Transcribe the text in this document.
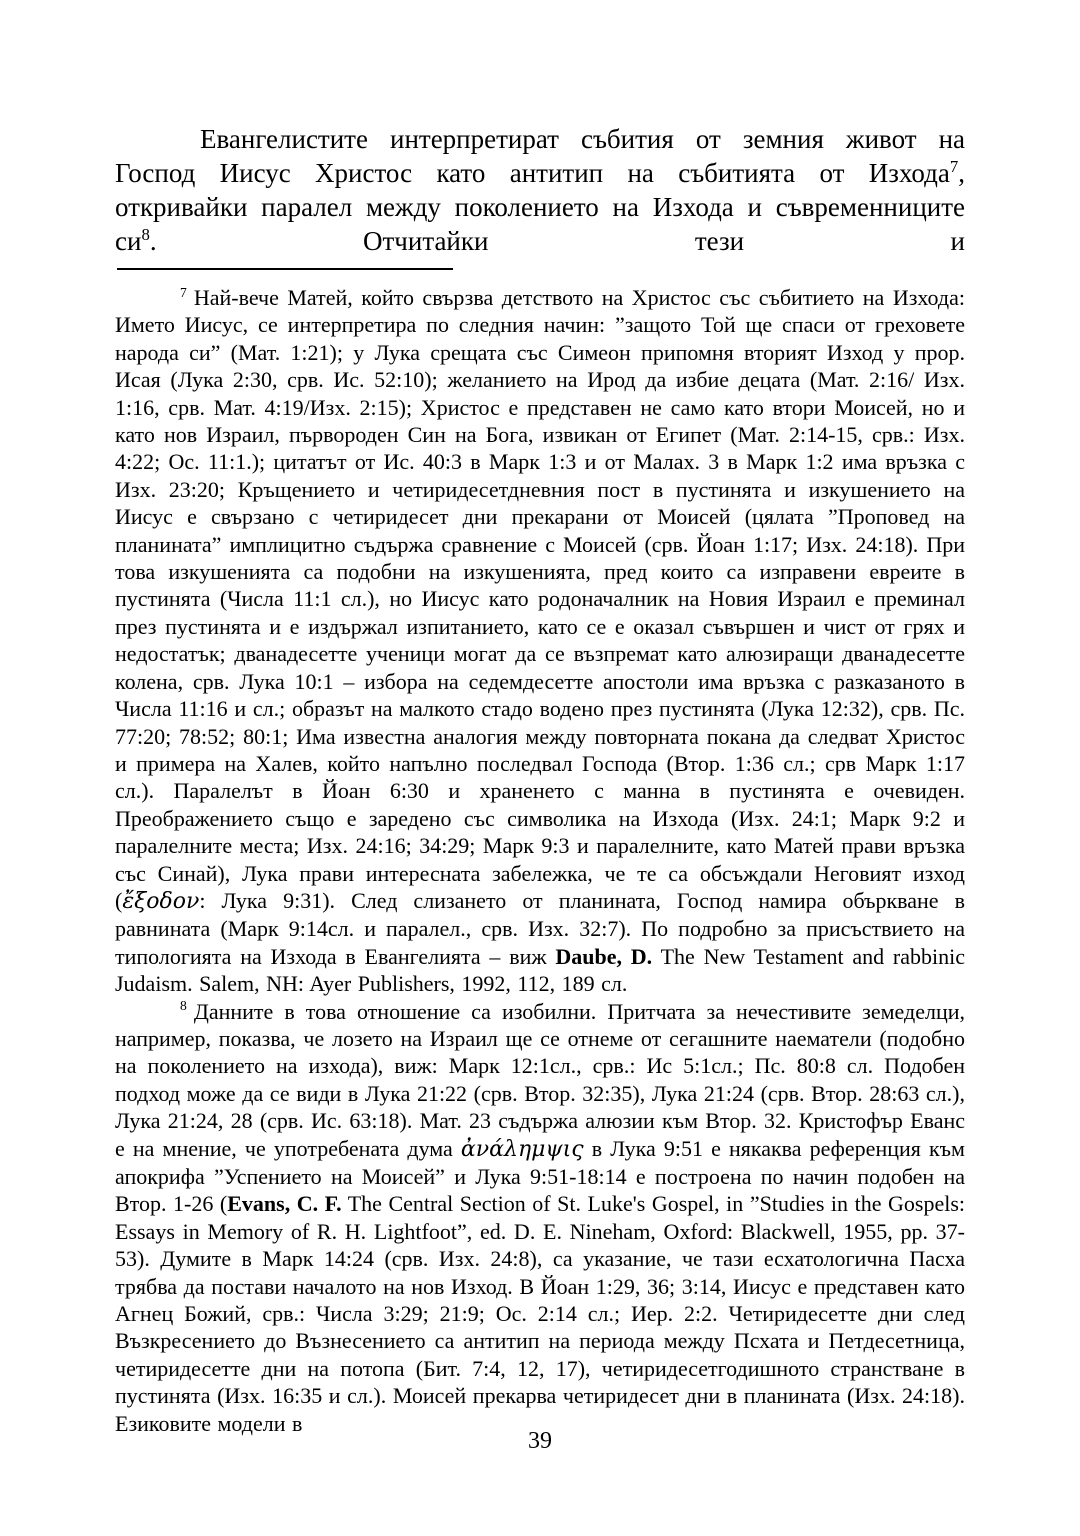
Евангелистите интерпретират събития от земния живот на Господ Иисус Христос като антитип на събитията от Изхода$^7$, откривайки паралел между поколението на Изхода и съвременниците $си^8$. Отчитайки тези и

$^7$ Най-вече Матей, който свързва детството на Христос със събитието на Изхода: Името Иисус, се интерпретира по следния начин: ”защото Той ще спаси от греховете народа си” (Мат. 1:21); у Лука срещата със Симеон припомня вторият Изход у прор. Исая (Лука 2:30, срв. Ис. 52:10); желанието на Ирод да избие децата (Мат. 2:16/ Изх. 1:16, срв. Мат. 4:19/Изх. 2:15); Христос е представен не само като втори Моисей, но и като нов Израил, първороден Син на Бога, извикан от Египет (Мат. 2:14-15, срв.: Изх. 4:22; Ос. 11:1.); цитатът от Ис. 40:3 в Марк 1:3 и от Малах. 3 в Марк 1:2 има връзка с Изх. 23:20; Кръщението и четиридесетдневния пост в пустинята и изкушението на Иисус е свързано с четиридесет дни прекарани от Моисей (цялата ”Проповед на планината” имплицитно съдържа сравнение с Моисей (срв. Йоан 1:17; Изх. 24:18). При това изкушенията са подобни на изкушенията, пред които са изправени евреите в пустинята (Числа 11:1 сл.), но Иисус като родоначалник на Новия Израил е преминал през пустинята и е издържал изпитанието, като се е оказал съвършен и чист от грях и недостатък; дванадесетте ученици могат да се възпремат като алюзиращи дванадесетте колена, срв. Лука 10:1 – избора на седемдесетте апостоли има връзка с разказаното в Числа 11:16 и сл.; образът на малкото стадо водено през пустинята (Лука 12:32), срв. Пс. 77:20; 78:52; 80:1; Има известна аналогия между повторната покана да следват Христос и примера на Халев, който напълно последвал Господа (Втор. 1:36 сл.; срв Марк 1:17 сл.). Паралелът в Йоан 6:30 и храненето с манна в пустинята е очевиден. Преображението също е заредено със символика на Изхода (Изх. 24:1; Марк 9:2 и паралелните места; Изх. 24:16; 34:29; Марк 9:3 и паралелните, като Матей прави връзка със Синай), Лука прави интересната забележка, че те са обсъждали Неговият изход (ἔξοδον: Лука 9:31). След слизането от планината, Господ намира объркване в равнината (Марк 9:14сл. и паралел., срв. Изх. 32:7). По подробно за присъствието на типологията на Изхода в Евангелията – виж Daube, D. The New Testament and rabbinic Judaism. Salem, NH: Ayer Publishers, 1992, 112, 189 сл.

$^8$ Данните в това отношение са изобилни. Притчата за нечестивите земеделци, например, показва, че лозето на Израил ще се отнеме от сегашните наематели (подобно на поколението на изхода), виж: Марк 12:1сл., срв.: Ис 5:1сл.; Пс. 80:8 сл. Подобен подход може да се види в Лука 21:22 (срв. Втор. 32:35), Лука 21:24 (срв. Втор. 28:63 сл.), Лука 21:24, 28 (срв. Ис. 63:18). Мат. 23 съдържа алюзии към Втор. 32. Кристофър Еванс е на мнение, че употребената дума ἀνάλημψις в Лука 9:51 е някаква референция към апокрифа ”Успението на Моисей” и Лука 9:51-18:14 е построена по начин подобен на Втор. 1-26 (Evans, C. F. The Central Section of St. Luke's Gospel, in ”Studies in the Gospels: Essays in Memory of R. H. Lightfoot”, ed. D. E. Nineham, Oxford: Blackwell, 1955, pp. 37-53). Думите в Марк 14:24 (срв. Изх. 24:8), са указание, че тази есхатологична Пасха трябва да постави началото на нов Изход. В Йоан 1:29, 36; 3:14, Иисус е представен като Агнец Божий, срв.: Числа 3:29; 21:9; Ос. 2:14 сл.; Иер. 2:2. Четиридесетте дни след Възкресението до Възнесението са антитип на периода между Псхата и Петдесетница, четиридесетте дни на потопа (Бит. 7:4, 12, 17), четиридесетгодишното странстване в пустинята (Изх. 16:35 и сл.). Моисей прекарва четиридесет дни в планината (Изх. 24:18). Езиковите модели в

39
